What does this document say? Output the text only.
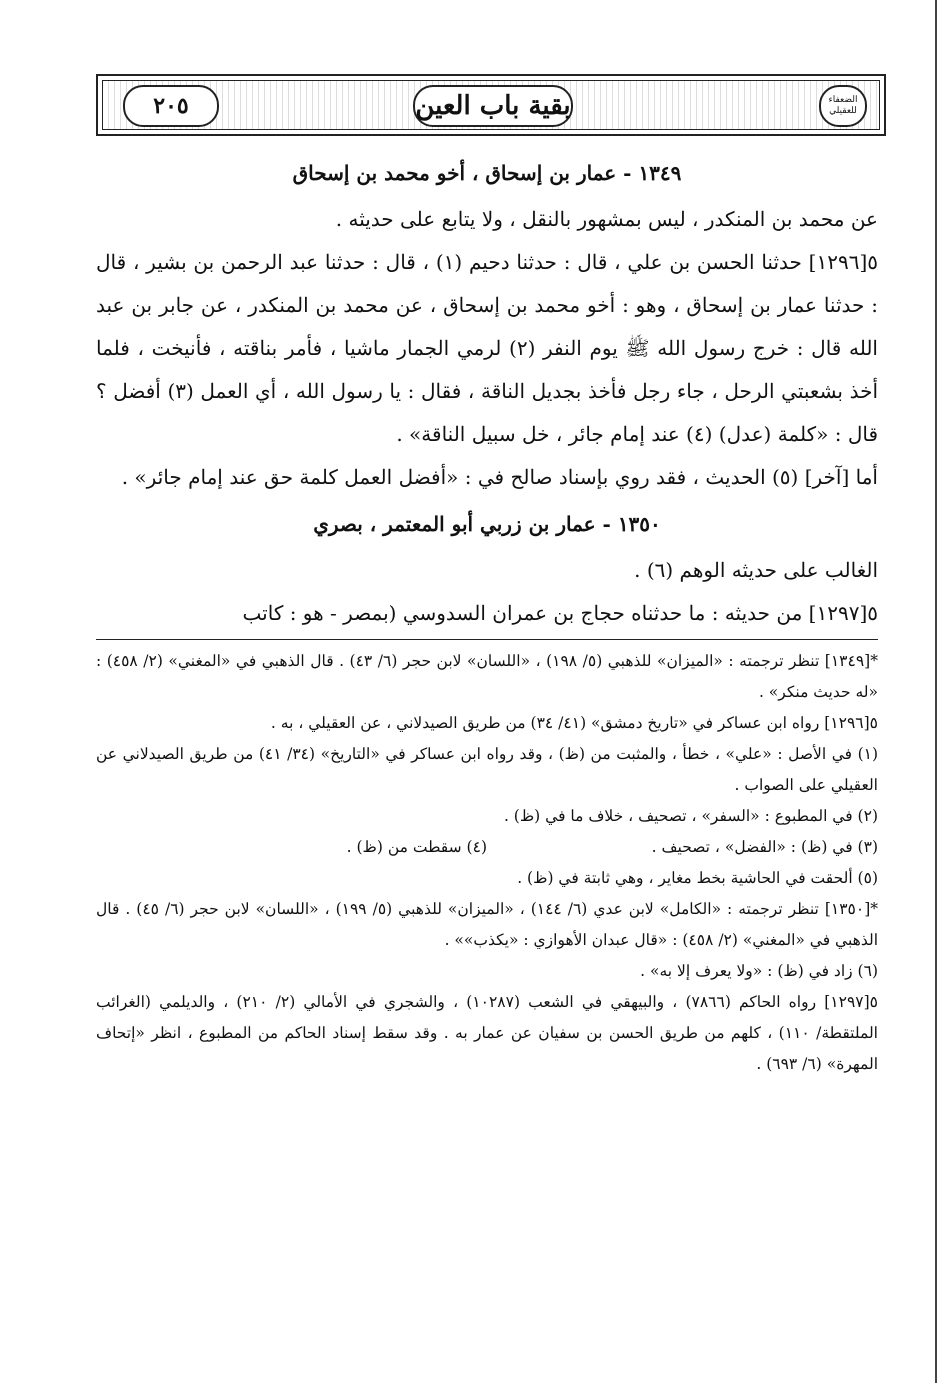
بقية باب العين
٢٠٥	الضعفاء للعقيلي
١٣٤٩ - عمار بن إسحاق ، أخو محمد بن إسحاق

عن محمد بن المنكدر ، ليس بمشهور بالنقل ، ولا يتابع على حديثه .

٥[١٢٩٦] حدثنا الحسن بن علي ، قال : حدثنا دحيم (١) ، قال : حدثنا عبد الرحمن بن بشير ، قال : حدثنا عمار بن إسحاق ، وهو : أخو محمد بن إسحاق ، عن محمد بن المنكدر ، عن جابر بن عبد الله قال : خرج رسول الله ﷺ يوم النفر (٢) لرمي الجمار ماشيا ، فأمر بناقته ، فأنيخت ، فلما أخذ بشعبتي الرحل ، جاء رجل فأخذ بجديل الناقة ، فقال : يا رسول الله ، أي العمل (٣) أفضل ؟ قال : «كلمة (عدل) (٤) عند إمام جائر ، خل سبيل الناقة» .

أما [آخر] (٥) الحديث ، فقد روي بإسناد صالح في : «أفضل العمل كلمة حق عند إمام جائر» .

١٣٥٠ - عمار بن زربي أبو المعتمر ، بصري

الغالب على حديثه الوهم (٦) .

٥[١٢٩٧] من حديثه : ما حدثناه حجاج بن عمران السدوسي (بمصر - هو : كاتب

*[١٣٤٩] تنظر ترجمته : «الميزان» للذهبي (٥/ ١٩٨) ، «اللسان» لابن حجر (٦/ ٤٣) . قال الذهبي في «المغني» (٢/ ٤٥٨) : «له حديث منكر» .

٥[١٢٩٦] رواه ابن عساكر في «تاريخ دمشق» (٤١/ ٣٤) من طريق الصيدلاني ، عن العقيلي ، به .

(١) في الأصل : «علي» ، خطأ ، والمثبت من (ظ) ، وقد رواه ابن عساكر في «التاريخ» (٣٤/ ٤١) من طريق الصيدلاني عن العقيلي على الصواب .

(٢) في المطبوع : «السفر» ، تصحيف ، خلاف ما في (ظ) .

(٣) في (ظ) : «الفضل» ، تصحيف .
(٤) سقطت من (ظ) .

(٥) ألحقت في الحاشية بخط مغاير ، وهي ثابتة في (ظ) .

*[١٣٥٠] تنظر ترجمته : «الكامل» لابن عدي (٦/ ١٤٤) ، «الميزان» للذهبي (٥/ ١٩٩) ، «اللسان» لابن حجر (٦/ ٤٥) . قال الذهبي في «المغني» (٢/ ٤٥٨) : «قال عبدان الأهوازي : «يكذب»» .

(٦) زاد في (ظ) : «ولا يعرف إلا به» .

٥[١٢٩٧] رواه الحاكم (٧٨٦٦) ، والبيهقي في الشعب (١٠٢٨٧) ، والشجري في الأمالي (٢/ ٢١٠) ، والديلمي (الغرائب الملتقطة/ ١١٠) ، كلهم من طريق الحسن بن سفيان عن عمار به . وقد سقط إسناد الحاكم من المطبوع ، انظر «إتحاف المهرة» (٦/ ٦٩٣) .
